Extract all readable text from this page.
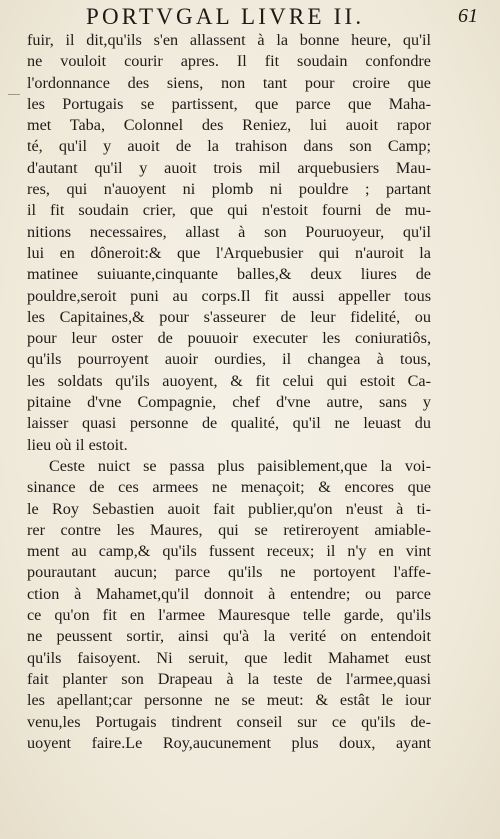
PORTVGAL LIVRE II.	61
fuir, il dit,qu'ils s'en allassent à la bonne heure, qu'il
ne vouloit courir apres. Il fit soudain confondre
l'ordonnance des siens, non tant pour croire que
les Portugais se partissent, que parce que Maha-
met Taba, Colonnel des Reniez, lui auoit rapor
té, qu'il y auoit de la trahison dans son Camp;
d'autant qu'il y auoit trois mil arquebusiers Mau-
res, qui n'auoyent ni plomb ni pouldre ; partant
il fit soudain crier, que qui n'estoit fourni de mu-
nitions necessaires, allast à son Pouruoyeur, qu'il
lui en dôneroit:& que l'Arquebusier qui n'auroit la
matinee suiuante,cinquante balles,& deux liures de
pouldre,seroit puni au corps.Il fit aussi appeller tous
les Capitaines,& pour s'asseurer de leur fidelité, ou
pour leur oster de pouuoir executer les coniuratiôs,
qu'ils pourroyent auoir ourdies, il changea à tous,
les soldats qu'ils auoyent, & fit celui qui estoit Ca-
pitaine d'vne Compagnie, chef d'vne autre, sans y
laisser quasi personne de qualité, qu'il ne leuast du
lieu où il estoit.
Ceste nuict se passa plus paisiblement,que la voi-
sinance de ces armees ne menaçoit; & encores que
le Roy Sebastien auoit fait publier,qu'on n'eust à ti-
rer contre les Maures, qui se retireroyent amiable-
ment au camp,& qu'ils fussent receux; il n'y en vint
pourautant aucun; parce qu'ils ne portoyent l'affe-
ction à Mahamet,qu'il donnoit à entendre; ou parce
ce qu'on fit en l'armee Mauresque telle garde, qu'ils
ne peussent sortir, ainsi qu'à la verité on entendoit
qu'ils faisoyent. Ni seruit, que ledit Mahamet eust
fait planter son Drapeau à la teste de l'armee,quasi
les apellant;car personne ne se meut: & estât le iour
venu,les Portugais tindrent conseil sur ce qu'ils de-
uoyent faire.Le Roy,aucunement plus doux, ayant
